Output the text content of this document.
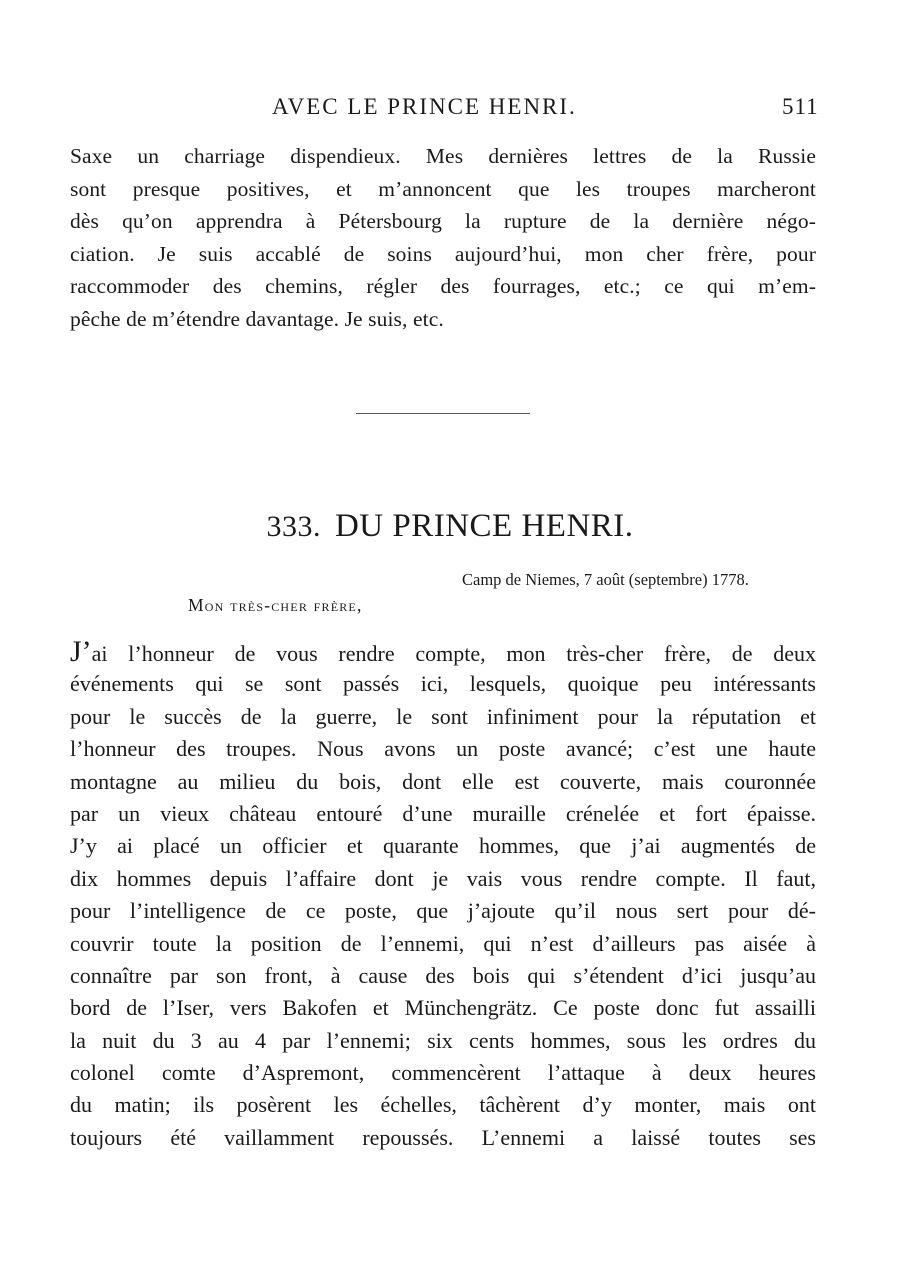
AVEC LE PRINCE HENRI.	511

Saxe un charriage dispendieux. Mes dernières lettres de la Russie
sont presque positives, et m’annoncent que les troupes marcheront
dès qu’on apprendra à Pétersbourg la rupture de la dernière négo-
ciation. Je suis accablé de soins aujourd’hui, mon cher frère, pour
raccommoder des chemins, régler des fourrages, etc.; ce qui m’em-
pêche de m’étendre davantage. Je suis, etc.

333. DU PRINCE HENRI.
Camp de Niemes, 7 août (septembre) 1778.
Mon très-cher frère,

J’ai l’honneur de vous rendre compte, mon très-cher frère, de deux
événements qui se sont passés ici, lesquels, quoique peu intéressants
pour le succès de la guerre, le sont infiniment pour la réputation et
l’honneur des troupes. Nous avons un poste avancé; c’est une haute
montagne au milieu du bois, dont elle est couverte, mais couronnée
par un vieux château entouré d’une muraille crénelée et fort épaisse.
J’y ai placé un officier et quarante hommes, que j’ai augmentés de
dix hommes depuis l’affaire dont je vais vous rendre compte. Il faut,
pour l’intelligence de ce poste, que j’ajoute qu’il nous sert pour dé-
couvrir toute la position de l’ennemi, qui n’est d’ailleurs pas aisée à
connaître par son front, à cause des bois qui s’étendent d’ici jusqu’au
bord de l’Iser, vers Bakofen et Münchengrätz. Ce poste donc fut assailli
la nuit du 3 au 4 par l’ennemi; six cents hommes, sous les ordres du
colonel comte d’Aspremont, commencèrent l’attaque à deux heures
du matin; ils posèrent les échelles, tâchèrent d’y monter, mais ont
toujours été vaillamment repoussés. L’ennemi a laissé toutes ses
